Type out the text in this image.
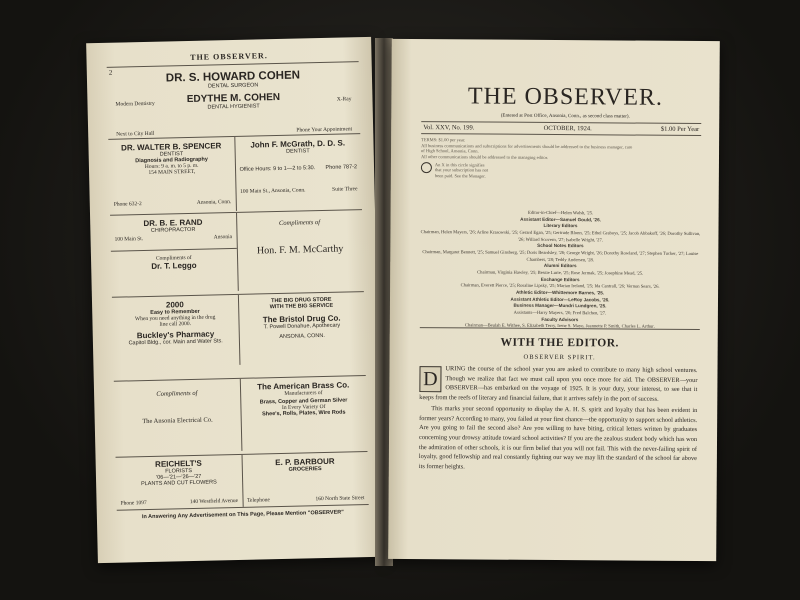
THE OBSERVER.
2	DR. S. HOWARD COHEN
DENTAL SURGEON
Modern Dentistry
X-Ray
EDYTHE M. COHEN
DENTAL HYGIENIST
Next to City Hall
Phone Your Appointment
DR. WALTER B. SPENCER
DENTIST
Diagnosis and Radiography
Hours: 9 a. m. to 5 p. m.
154 MAIN STREET,
Phone 632-2	Ansonia, Conn.
John F. McGrath, D. D. S.
DENTIST
Office Hours: 9 to 1—2 to 5:30. Phone 787-2
100 Main St., Ansonia, Conn.	Suite Three
DR. B. E. RAND
CHIROPRACTOR
100 Main St.	Ansonia
Compliments of
Dr. T. Leggo
Compliments of
Hon. F. M. McCarthy
2000
Easy to Remember
When you need anything in the drug
line call 2000.
Buckley's Pharmacy
Capitol Bldg., cor. Main and Water Sts.
THE BIG DRUG STORE
WITH THE BIG SERVICE
The Bristol Drug Co.
T. Powell Donahue, Apothecary
ANSONIA, CONN.
Compliments of
The Ansonia Electrical Co.
The American Brass Co.
Manufacturers of
Brass, Copper and German Silver
In Every Variety Of
Shee's, Rolls, Plates, Wire Rods
REICHELT'S
FLORISTS
'06—'21—'26—'27
PLANTS AND CUT FLOWERS
Phone 1097	140 Westfield Avenue
E. P. BARBOUR
GROCERIES
Telephone	160 North State Street
In Answering Any Advertisement on This Page, Please Mention "OBSERVER"
THE OBSERVER.
(Entered at Post Office, Ansonia, Conn., as second class matter).
Vol. XXV, No. 199.	OCTOBER, 1924.	$1.00 Per Year
TERMS: $1.00 per year.
All business communications and subscriptions for advertisements should be addressed to the business manager, care
of High School, Ansonia, Conn.
All other communications should be addressed to the managing editor.
An X in this circle signifies
that your subscription has not
been paid. See the Manager.
Editor-in-Chief—Helen Walsh, '25.
Assistant Editor—Samuel Gould, '26.
Literary Editors
Chairman, Helen Mayers, '26; Arline Krasowski, '25; Gerard Egan, '25; Gertrude Blonn, '25; Ethel Graboys, '25; Jacob Abbakoff, '26; Dorothy Sullivan, '26; Willard Scovern, '27; Isabelle Wright, '27.
School Notes Editors
Chairman, Margaret Bennett, '25; Samuel Ginsberg, '25; Doris Beardsley, '26; George Wright, '26; Dorothy Rowland, '27; Stephen Tucker, '27; Louise Chambers, '28; Teddy Andersen, '28.
Alumni Editors
Chairman, Virginia Hawley, '25; Bessie Lurie, '25; Rose Jermak, '25; Josephine Mead, '25.
Exchange Editors
Chairman, Everett Pierce, '25; Rosaline Lipsky, '25; Marian Ireland, '25; Ida Cantrall, '26; Vernon Sears, '26.
Athletic Editor—Whittemore Barnes, '25.
Assistant Athletic Editor—LeRoy Jacobs, '26.
Business Manager—Mundri Lundgren, '25.
Assistants—Harry Mayers, '26; Fred Balchen, '27.
Faculty Advisors
Chairman—Beulah E. Withee, S. Elizabeth Terry, Irene S. Mayo, Jeannette P. Smith, Charles L. Arthur.
WITH THE EDITOR.
OBSERVER SPIRIT.
D	URING the course of the school year you are asked to contribute to many high school ventures. Though we realize that fact we must call upon you once more for aid. The OBSERVER—your OBSERVER—has embarked on the voyage of 1925. It is your duty, your interest, to see that it keeps from the reefs of literary and financial failure, that it arrives safely in the port of success.

This marks your second opportunity to display the A. H. S. spirit and loyalty that has been evident in former years? According to many, you failed at your first chance—the opportunity to support school athletics. Are you going to fail the second also? Are you willing to have biting, critical letters written by graduates concerning your drowsy attitude toward school activities? If you are the zealous student body which has won the admiration of other schools, it is our firm belief that you will not fail. This with the never-failing spirit of loyalty, good fellowship and real constantly fighting our way we may lift the standard of the school far above its former heights.
